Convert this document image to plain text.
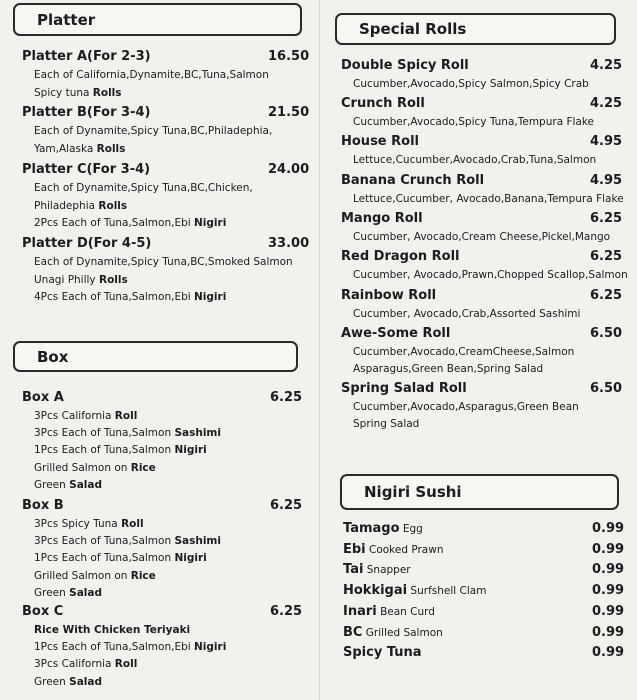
Platter
Platter A(For 2-3)	16.50
Each of California,Dynamite,BC,Tuna,Salmon
Spicy tuna Rolls
Platter B(For 3-4)	21.50
Each of Dynamite,Spicy Tuna,BC,Philadephia,
Yam,Alaska Rolls
Platter C(For 3-4)	24.00
Each of Dynamite,Spicy Tuna,BC,Chicken,
Philadephia Rolls
2Pcs Each of Tuna,Salmon,Ebi Nigiri
Platter D(For 4-5)	33.00
Each of Dynamite,Spicy Tuna,BC,Smoked Salmon
Unagi Philly Rolls
4Pcs Each of Tuna,Salmon,Ebi Nigiri
Box
Box A	6.25
3Pcs California Roll
3Pcs Each of Tuna,Salmon Sashimi
1Pcs Each of Tuna,Salmon Nigiri
Grilled Salmon on Rice
Green Salad
Box B	6.25
3Pcs Spicy Tuna Roll
3Pcs Each of Tuna,Salmon Sashimi
1Pcs Each of Tuna,Salmon Nigiri
Grilled Salmon on Rice
Green Salad
Box C	6.25
Rice With Chicken Teriyaki
1Pcs Each of Tuna,Salmon,Ebi Nigiri
3Pcs California Roll
Green Salad
Special Rolls
Double Spicy Roll	4.25
Cucumber,Avocado,Spicy Salmon,Spicy Crab
Crunch Roll	4.25
Cucumber,Avocado,Spicy Tuna,Tempura Flake
House Roll	4.95
Lettuce,Cucumber,Avocado,Crab,Tuna,Salmon
Banana Crunch Roll	4.95
Lettuce,Cucumber, Avocado,Banana,Tempura Flake
Mango Roll	6.25
Cucumber, Avocado,Cream Cheese,Pickel,Mango
Red Dragon Roll	6.25
Cucumber, Avocado,Prawn,Chopped Scallop,Salmon
Rainbow Roll	6.25
Cucumber, Avocado,Crab,Assorted Sashimi
Awe-Some Roll	6.50
Cucumber,Avocado,CreamCheese,Salmon
Asparagus,Green Bean,Spring Salad
Spring Salad Roll	6.50
Cucumber,Avocado,Asparagus,Green Bean
Spring Salad
Nigiri Sushi
Tamago Egg	0.99
Ebi Cooked Prawn	0.99
Tai Snapper	0.99
Hokkigai Surfshell Clam	0.99
Inari Bean Curd	0.99
BC Grilled Salmon	0.99
Spicy Tuna	0.99
